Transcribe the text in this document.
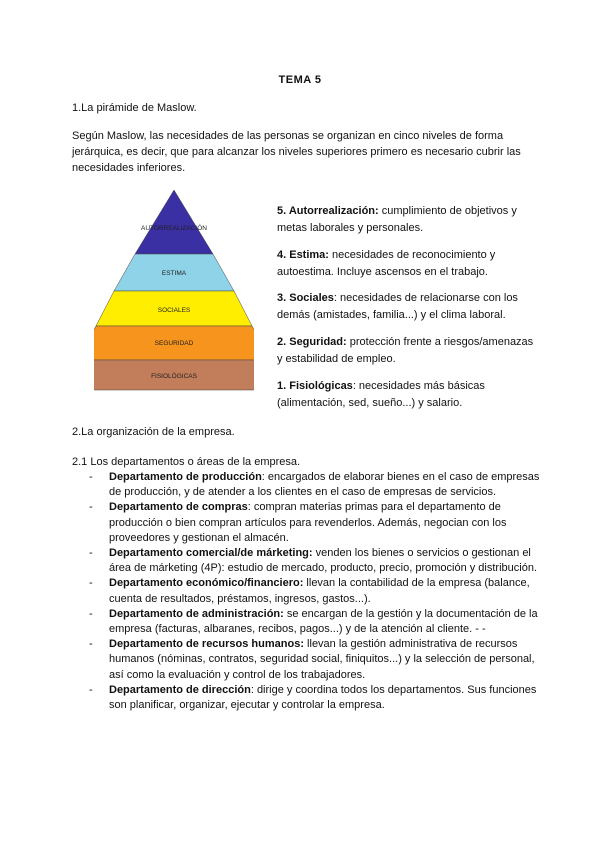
TEMA 5
1.La pirámide de Maslow.
Según Maslow, las necesidades de las personas se organizan en cinco niveles de forma jerárquica, es decir, que para alcanzar los niveles superiores primero es necesario cubrir las necesidades inferiores.
AUTORREALIZACIÓN
ESTIMA
SOCIALES
SEGURIDAD
FISIOLÓGICAS
5. Autorrealización: cumplimiento de objetivos y metas laborales y personales.
4. Estima: necesidades de reconocimiento y autoestima. Incluye ascensos en el trabajo.
3. Sociales: necesidades de relacionarse con los demás (amistades, familia...) y el clima laboral.
2. Seguridad: protección frente a riesgos/amenazas y estabilidad de empleo.
1. Fisiológicas: necesidades más básicas (alimentación, sed, sueño...) y salario.
2.La organización de la empresa.
2.1 Los departamentos o áreas de la empresa.
- Departamento de producción: encargados de elaborar bienes en el caso de empresas de producción, y de atender a los clientes en el caso de empresas de servicios.
- Departamento de compras: compran materias primas para el departamento de producción o bien compran artículos para revenderlos. Además, negocian con los proveedores y gestionan el almacén.
- Departamento comercial/de márketing: venden los bienes o servicios o gestionan el área de márketing (4P): estudio de mercado, producto, precio, promoción y distribución.
- Departamento económico/financiero: llevan la contabilidad de la empresa (balance, cuenta de resultados, préstamos, ingresos, gastos...).
- Departamento de administración: se encargan de la gestión y la documentación de la empresa (facturas, albaranes, recibos, pagos...) y de la atención al cliente. - -
- Departamento de recursos humanos: llevan la gestión administrativa de recursos humanos (nóminas, contratos, seguridad social, finiquitos...) y la selección de personal, así como la evaluación y control de los trabajadores.
- Departamento de dirección: dirige y coordina todos los departamentos. Sus funciones son planificar, organizar, ejecutar y controlar la empresa.
